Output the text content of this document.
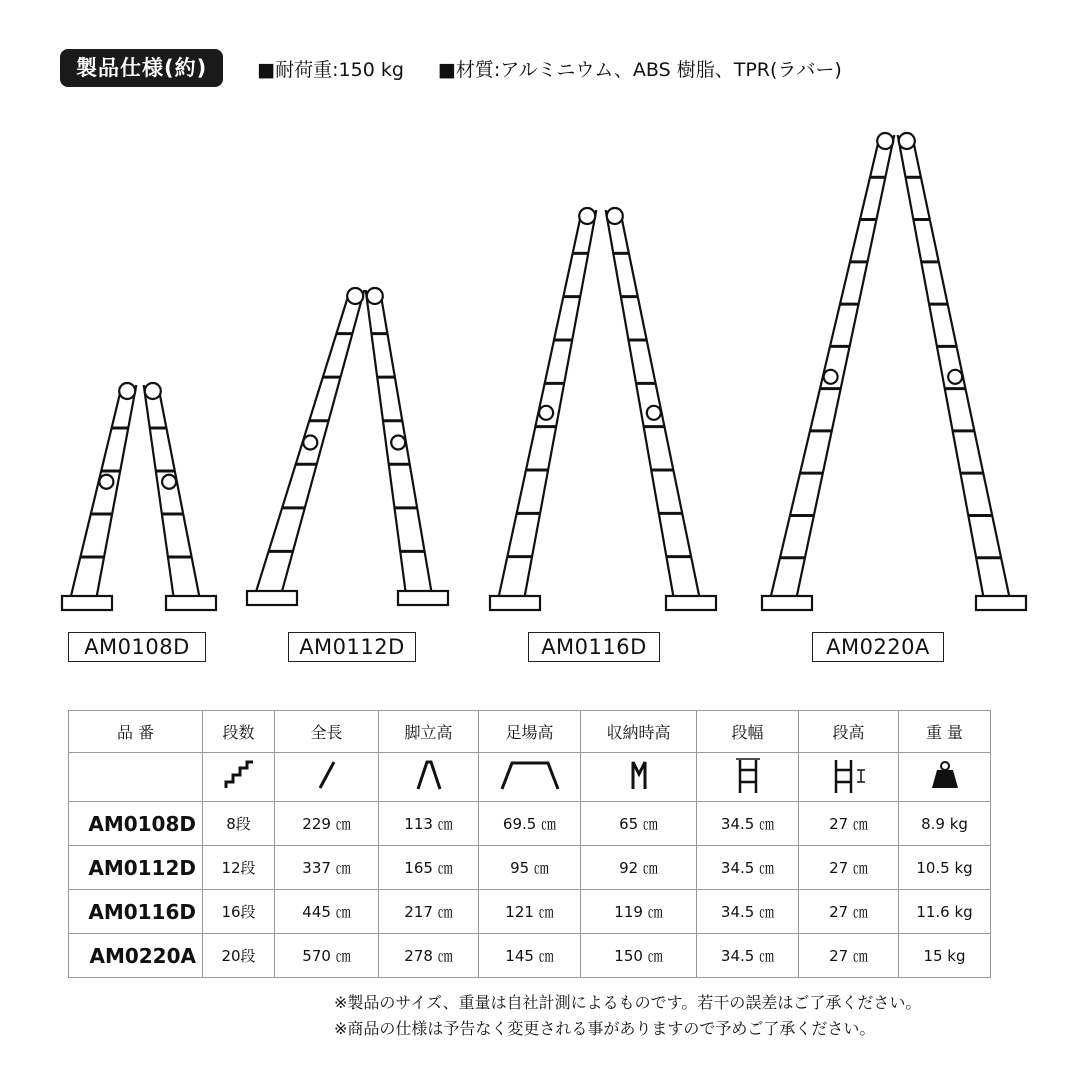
製品仕様(約)	■耐荷重:150 kg ■材質:アルミニウム、ABS 樹脂、TPR(ラバー)
AM0108D	AM0112D	AM0116D	AM0220A
品 番	段数	全長	脚立高	足場高	収納時高	段幅	段高	重 量

AM0108D	8段	229 ㎝	113 ㎝	69.5 ㎝	65 ㎝	34.5 ㎝	27 ㎝	8.9 kg
AM0112D	12段	337 ㎝	165 ㎝	95 ㎝	92 ㎝	34.5 ㎝	27 ㎝	10.5 kg
AM0116D	16段	445 ㎝	217 ㎝	121 ㎝	119 ㎝	34.5 ㎝	27 ㎝	11.6 kg
AM0220A	20段	570 ㎝	278 ㎝	145 ㎝	150 ㎝	34.5 ㎝	27 ㎝	15 kg
※製品のサイズ、重量は自社計測によるものです。若干の誤差はご了承ください。
※商品の仕様は予告なく変更される事がありますので予めご了承ください。
